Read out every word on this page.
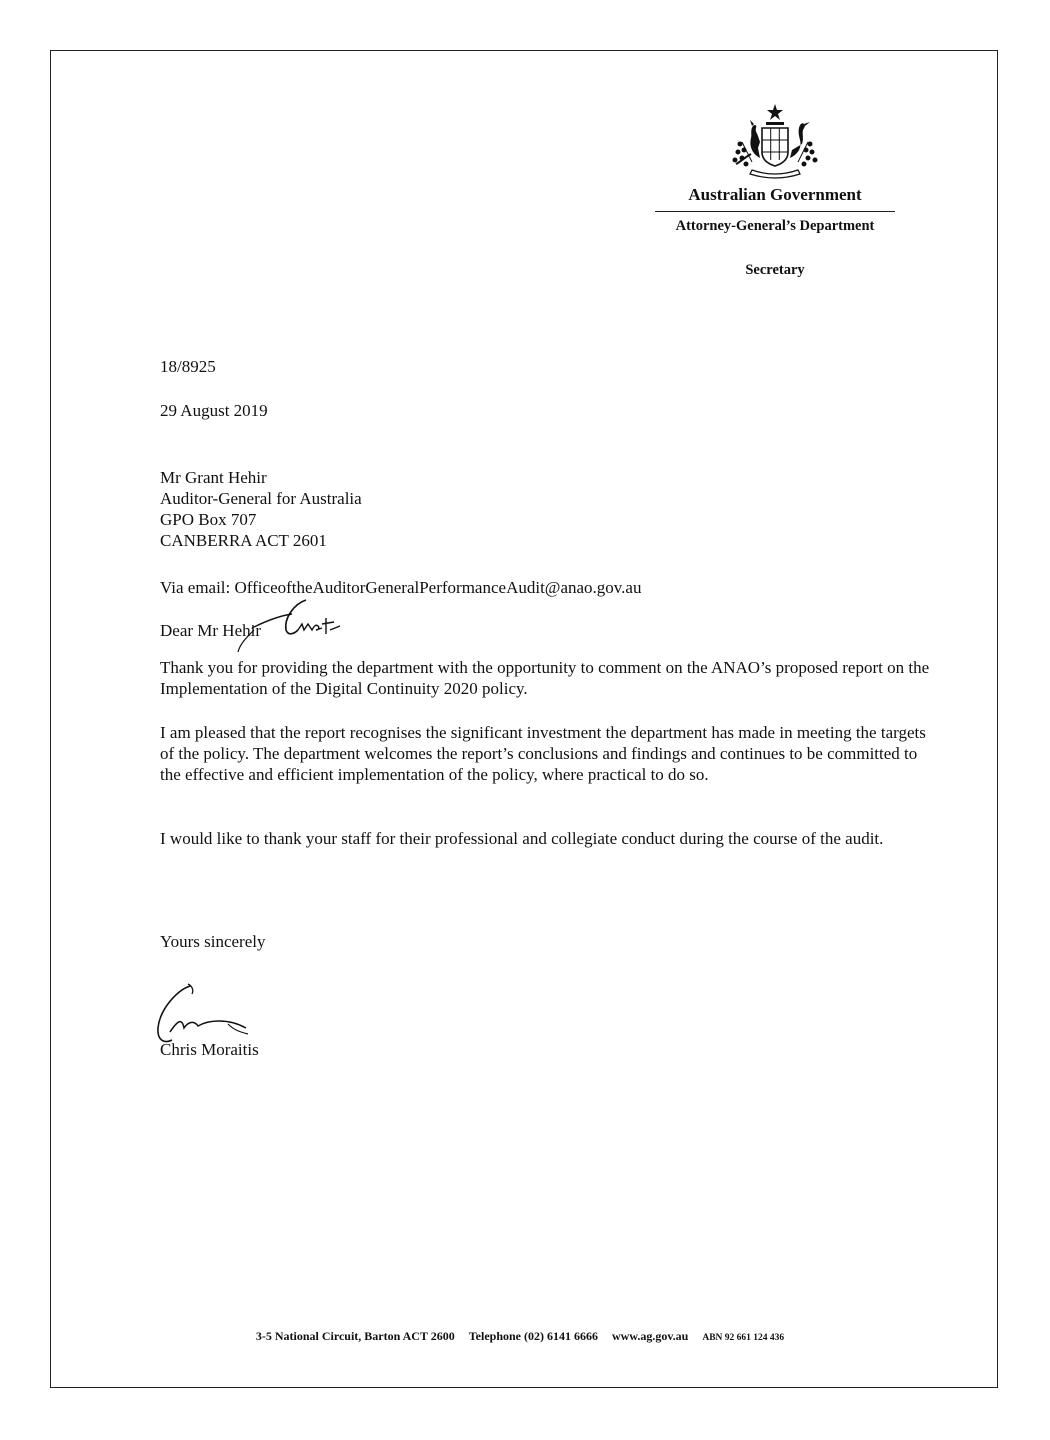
Australian Government
Attorney-General’s Department
Secretary
18/8925
29 August 2019
Mr Grant Hehir
Auditor-General for Australia
GPO Box 707
CANBERRA ACT 2601
Via email: OfficeoftheAuditorGeneralPerformanceAudit@anao.gov.au
Dear Mr Hehir

Thank you for providing the department with the opportunity to comment on the ANAO’s proposed report on the Implementation of the Digital Continuity 2020 policy.

I am pleased that the report recognises the significant investment the department has made in meeting the targets of the policy. The department welcomes the report’s conclusions and findings and continues to be committed to the effective and efficient implementation of the policy, where practical to do so.

I would like to thank your staff for their professional and collegiate conduct during the course of the audit.

Yours sincerely
Chris Moraitis
3-5 National Circuit, Barton ACT 2600 Telephone (02) 6141 6666 www.ag.gov.au ABN 92 661 124 436
